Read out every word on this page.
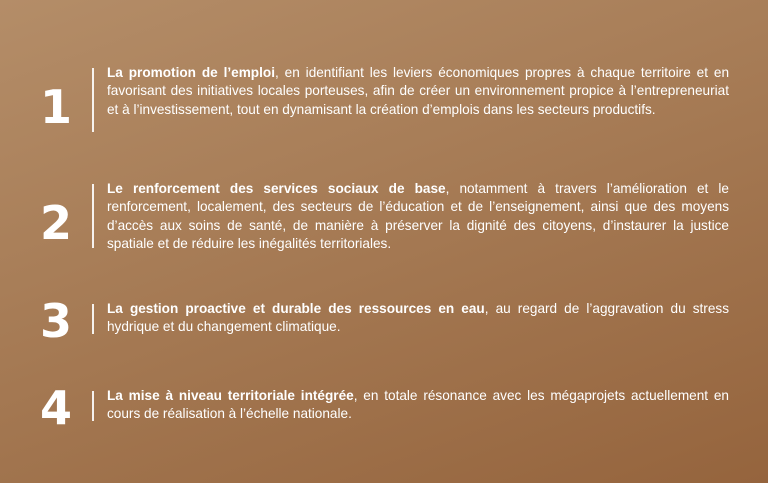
1
La promotion de l’emploi, en identifiant les leviers économiques propres à chaque territoire et en favorisant des initiatives locales porteuses, afin de créer un environnement propice à l’entrepreneuriat et à l’investissement, tout en dynamisant la création d’emplois dans les secteurs productifs.
2
Le renforcement des services sociaux de base, notamment à travers l’amélioration et le renforcement, localement, des secteurs de l’éducation et de l’enseignement, ainsi que des moyens d’accès aux soins de santé, de manière à préserver la dignité des citoyens, d’instaurer la justice spatiale et de réduire les inégalités territoriales.
3	La gestion proactive et durable des ressources en eau, au regard de l’aggravation du stress hydrique et du changement climatique.
4	La mise à niveau territoriale intégrée, en totale résonance avec les mégaprojets actuellement en cours de réalisation à l’échelle nationale.
